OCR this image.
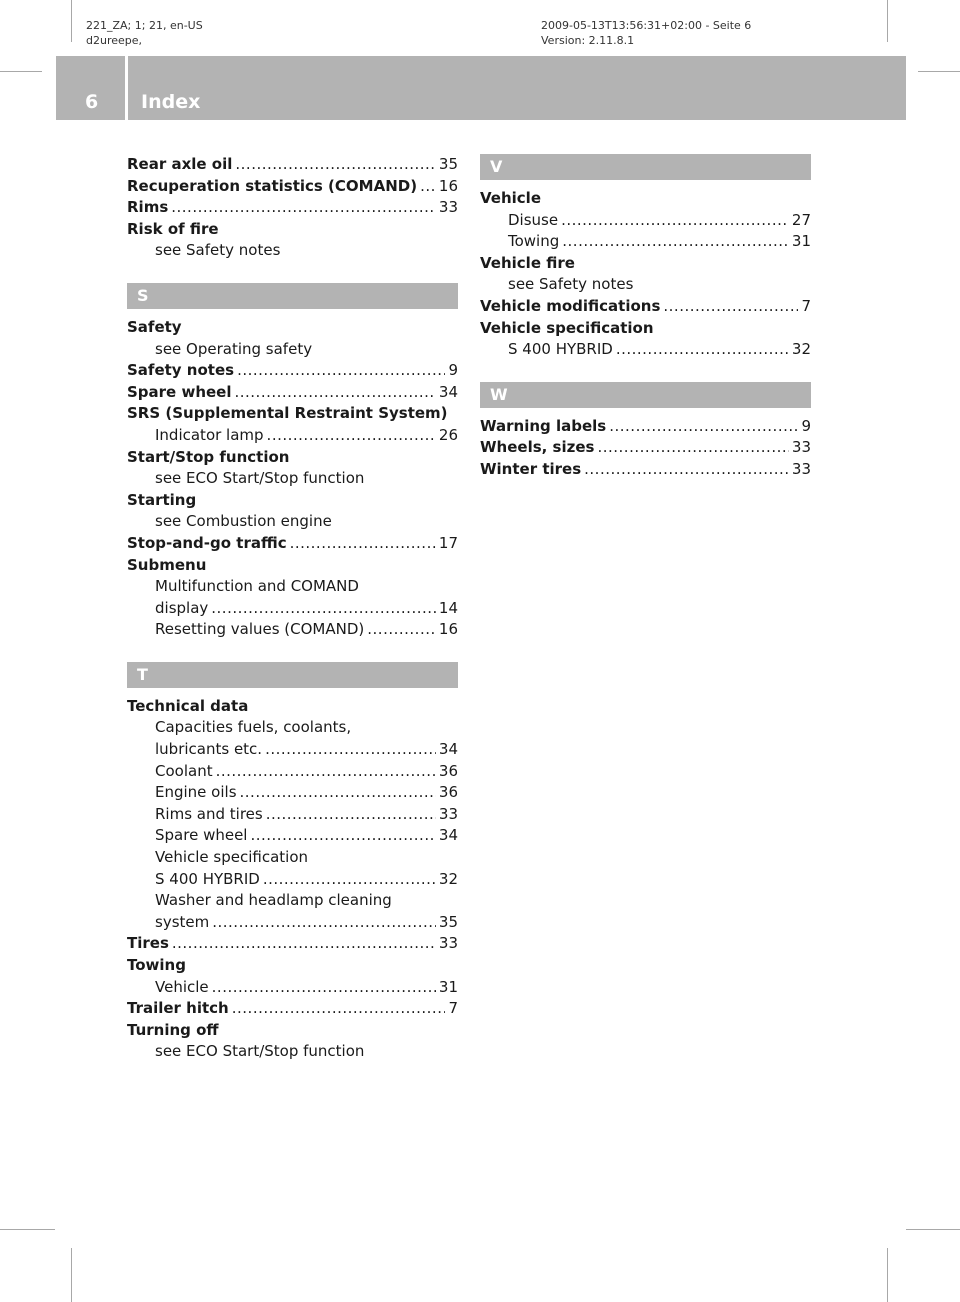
221_ZA; 1; 21, en-US
d2ureepe,
2009-05-13T13:56:31+02:00 - Seite 6
Version: 2.11.8.1
6 Index
Rear axle oil .....	35
Recuperation statistics (COMAND) ..... 16
Rims .....	33
Risk of fire
see Safety notes
S
Safety
see Operating safety
Safety notes .....	9
Spare wheel .....	34
SRS (Supplemental Restraint System)
Indicator lamp .....	26
Start/Stop function
see ECO Start/Stop function
Starting
see Combustion engine
Stop-and-go traffic .....	17
Submenu
Multifunction and COMAND
display .....	14
Resetting values (COMAND) .....	16
T
Technical data
Capacities fuels, coolants,
lubricants etc. .....	34
Coolant .....	36
Engine oils .....	36
Rims and tires .....	33
Spare wheel .....	34
Vehicle specification
S 400 HYBRID .....	32
Washer and headlamp cleaning
system .....	35
Tires .....	33
Towing
Vehicle .....	31
Trailer hitch .....	7
Turning off
see ECO Start/Stop function
V
Vehicle
Disuse .....	27
Towing .....	31
Vehicle fire
see Safety notes
Vehicle modifications .....	7
Vehicle specification
S 400 HYBRID .....	32
W
Warning labels .....	9
Wheels, sizes .....	33
Winter tires .....	33
